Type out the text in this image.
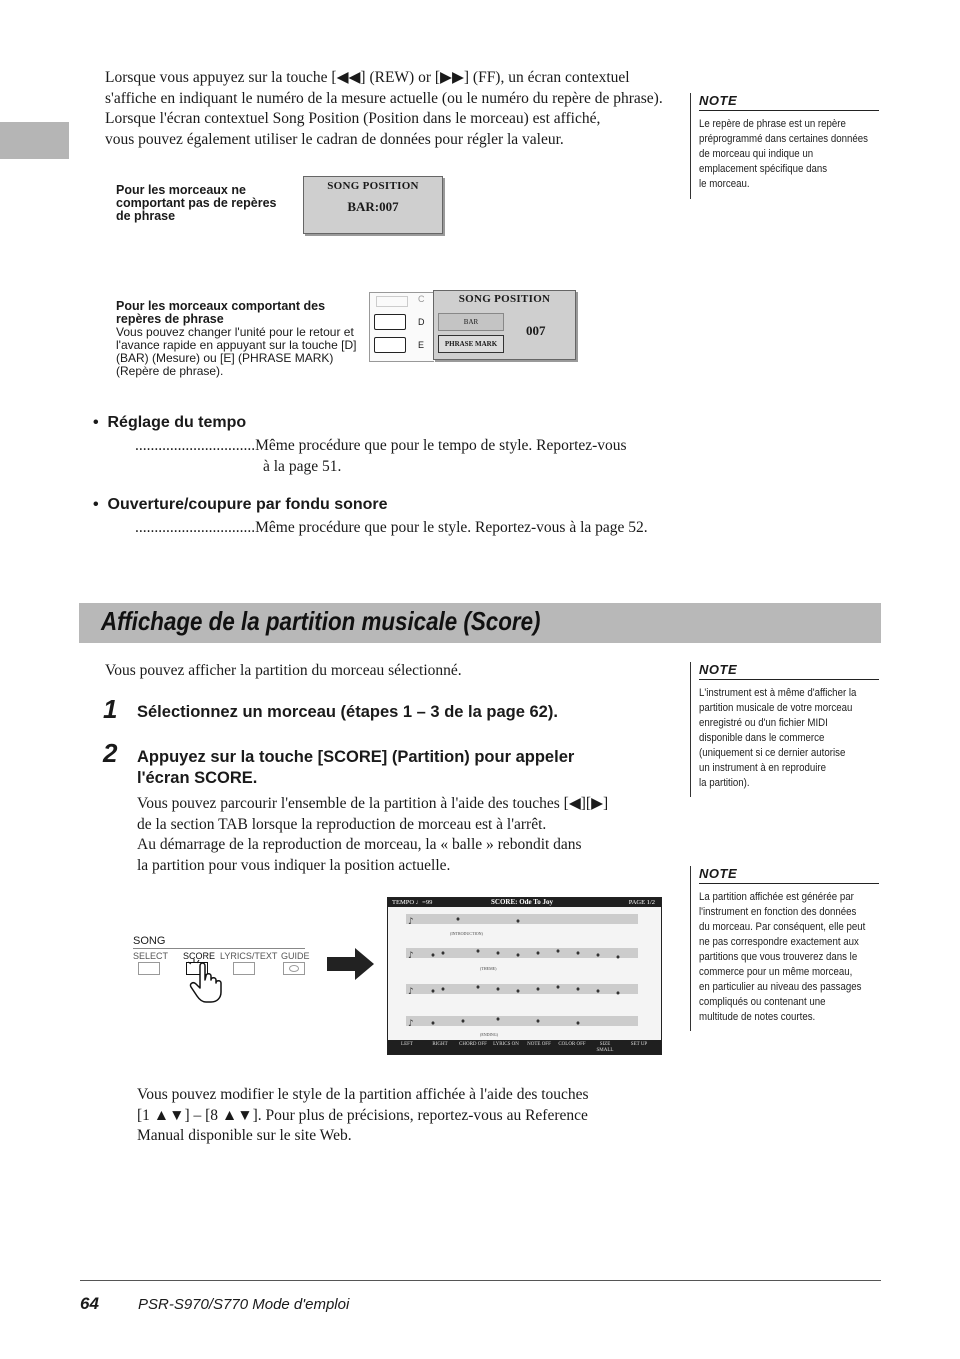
Lorsque vous appuyez sur la touche [◀◀] (REW) or [▶▶] (FF), un écran contextuel

s'affiche en indiquant le numéro de la mesure actuelle (ou le numéro du repère de phrase).

Lorsque l'écran contextuel Song Position (Position dans le morceau) est affiché,

vous pouvez également utiliser le cadran de données pour régler la valeur.

NOTE
Le repère de phrase est un repère
préprogrammé dans certaines données
de morceau qui indique un
emplacement spécifique dans
le morceau.
Pour les morceaux ne
comportant pas de repères
de phrase
SONG POSITION
BAR:007
Pour les morceaux comportant des
repères de phrase
Vous pouvez changer l'unité pour le retour et
l'avance rapide en appuyant sur la touche [D]
(BAR) (Mesure) ou [E] (PHRASE MARK)
(Repère de phrase).
C
D
E
SONG POSITION
BAR
PHRASE MARK
007
•  Réglage du tempo
...............................Même procédure que pour le tempo de style. Reportez-vous
à la page 51.
•  Ouverture/coupure par fondu sonore
...............................Même procédure que pour le style. Reportez-vous à la page 52.
Affichage de la partition musicale (Score)
Vous pouvez afficher la partition du morceau sélectionné.	NOTE
L'instrument est à même d'afficher la
partition musicale de votre morceau
enregistré ou d'un fichier MIDI
disponible dans le commerce
(uniquement si ce dernier autorise
un instrument à en reproduire
la partition).
1 Sélectionnez un morceau (étapes 1 – 3 de la page 62).
2 Appuyez sur la touche [SCORE] (Partition) pour appeler
l'écran SCORE.

Vous pouvez parcourir l'ensemble de la partition à l'aide des touches [◀][▶]

de la section TAB lorsque la reproduction de morceau est à l'arrêt.

Au démarrage de la reproduction de morceau, la « balle » rebondit dans

la partition pour vous indiquer la position actuelle.	NOTE
La partition affichée est générée par
l'instrument en fonction des données
du morceau. Par conséquent, elle peut
ne pas correspondre exactement aux
partitions que vous trouverez dans le
commerce pour un même morceau,
en particulier au niveau des passages
compliqués ou contenant une
multitude de notes courtes.
SONG
SELECT SCORE LYRICS/TEXT GUIDE
TEMPO ♩=99	SCORE: Ode To Joy	PAGE 1/2
♪
♪
♪
♪
(INTRODUCTION)
(THEME)
(ENDING)
LEFT	RIGHT	CHORD OFF LYRICS ON	NOTE OFF	COLOR OFF	SIZE SMALL
SET UP

Vous pouvez modifier le style de la partition affichée à l'aide des touches

[1 ▲▼] – [8 ▲▼]. Pour plus de précisions, reportez-vous au Reference

Manual disponible sur le site Web.

64	PSR-S970/S770 Mode d'emploi
